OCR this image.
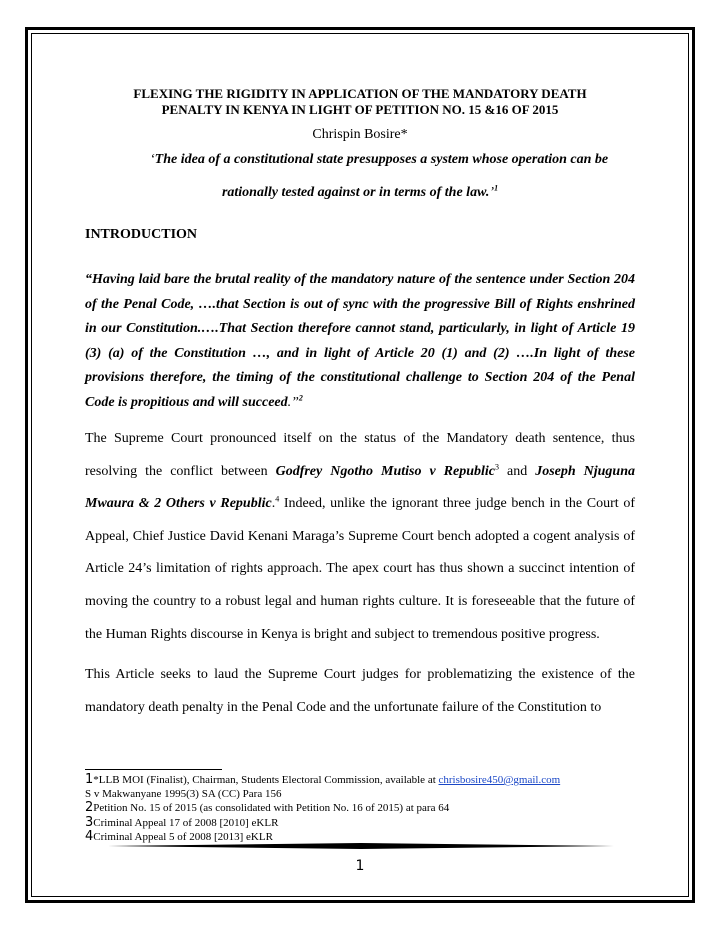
FLEXING THE RIGIDITY IN APPLICATION OF THE MANDATORY DEATH
PENALTY IN KENYA IN LIGHT OF PETITION NO. 15 &16 OF 2015
Chrispin Bosire*
‘The idea of a constitutional state presupposes a system whose operation can be
rationally tested against or in terms of the law.’$^1$
INTRODUCTION
“Having laid bare the brutal reality of the mandatory nature of the sentence under Section 204 of the Penal Code, ….that Section is out of sync with the progressive Bill of Rights enshrined in our Constitution.….That Section therefore cannot stand, particularly, in light of Article 19 (3) (a) of the Constitution …, and in light of Article 20 (1) and (2) ….In light of these provisions therefore, the timing of the constitutional challenge to Section 204 of the Penal Code is propitious and will succeed.”$^2$
The Supreme Court pronounced itself on the status of the Mandatory death sentence, thus resolving the conflict between Godfrey Ngotho Mutiso v Republic$^3$ and Joseph Njuguna Mwaura & 2 Others v Republic.$^4$ Indeed, unlike the ignorant three judge bench in the Court of Appeal, Chief Justice David Kenani Maraga’s Supreme Court bench adopted a cogent analysis of Article 24’s limitation of rights approach. The apex court has thus shown a succinct intention of moving the country to a robust legal and human rights culture. It is foreseeable that the future of the Human Rights discourse in Kenya is bright and subject to tremendous positive progress.
This Article seeks to laud the Supreme Court judges for problematizing the existence of the mandatory death penalty in the Penal Code and the unfortunate failure of the Constitution to
1*LLB MOI (Finalist), Chairman, Students Electoral Commission, available at chrisbosire450@gmail.com
S v Makwanyane 1995(3) SA (CC) Para 156
2Petition No. 15 of 2015 (as consolidated with Petition No. 16 of 2015) at para 64
3Criminal Appeal 17 of 2008 [2010] eKLR
4Criminal Appeal 5 of 2008 [2013] eKLR
1
